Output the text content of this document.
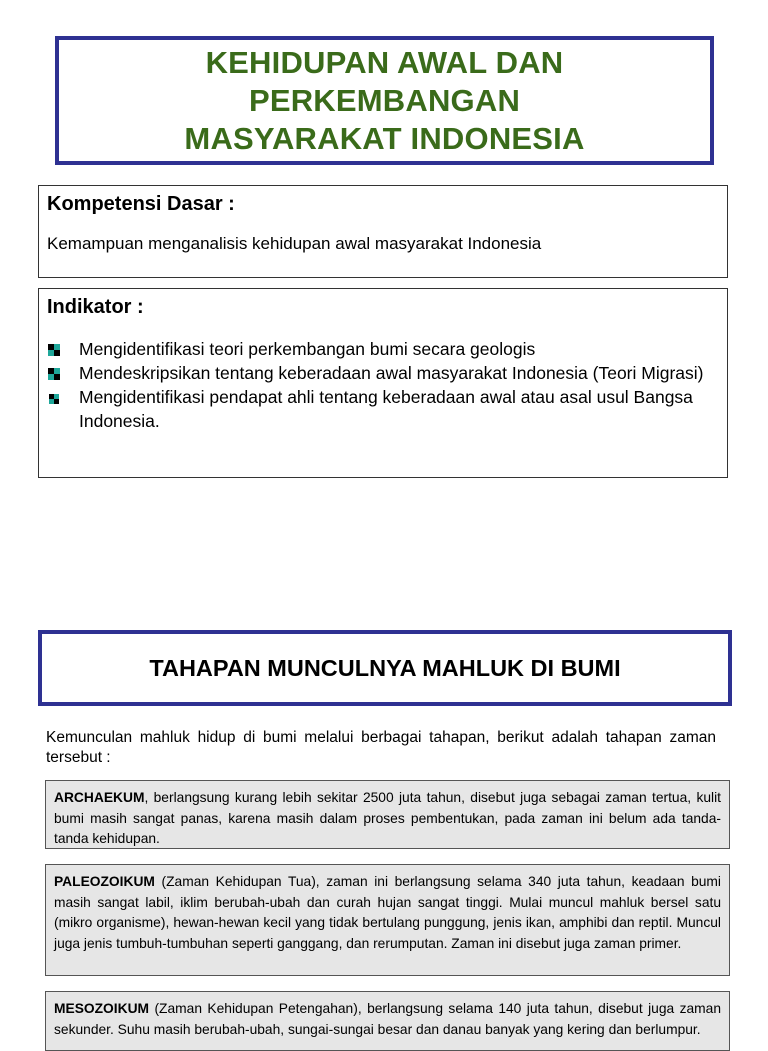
KEHIDUPAN AWAL DAN
PERKEMBANGAN
MASYARAKAT INDONESIA
Kompetensi Dasar :
Kemampuan menganalisis kehidupan awal masyarakat Indonesia
Indikator :
Mengidentifikasi teori perkembangan bumi secara geologis
Mendeskripsikan tentang keberadaan awal masyarakat Indonesia (Teori Migrasi)
Mengidentifikasi pendapat ahli tentang keberadaan awal atau asal usul Bangsa Indonesia.
TAHAPAN MUNCULNYA MAHLUK DI BUMI
Kemunculan mahluk hidup di bumi melalui berbagai tahapan, berikut adalah tahapan zaman tersebut :
ARCHAEKUM, berlangsung kurang lebih sekitar 2500 juta tahun, disebut juga sebagai zaman tertua, kulit bumi masih sangat panas, karena masih dalam proses pembentukan, pada zaman ini belum ada tanda-tanda kehidupan.
PALEOZOIKUM (Zaman Kehidupan Tua), zaman ini berlangsung selama 340 juta tahun, keadaan bumi masih sangat labil, iklim berubah-ubah dan curah hujan sangat tinggi. Mulai muncul mahluk bersel satu (mikro organisme), hewan-hewan kecil yang tidak bertulang punggung, jenis ikan, amphibi dan reptil. Muncul juga jenis tumbuh-tumbuhan seperti ganggang, dan rerumputan. Zaman ini disebut juga zaman primer.
MESOZOIKUM (Zaman Kehidupan Petengahan), berlangsung selama 140 juta tahun, disebut juga zaman sekunder. Suhu masih berubah-ubah, sungai-sungai besar dan danau banyak yang kering dan berlumpur.
